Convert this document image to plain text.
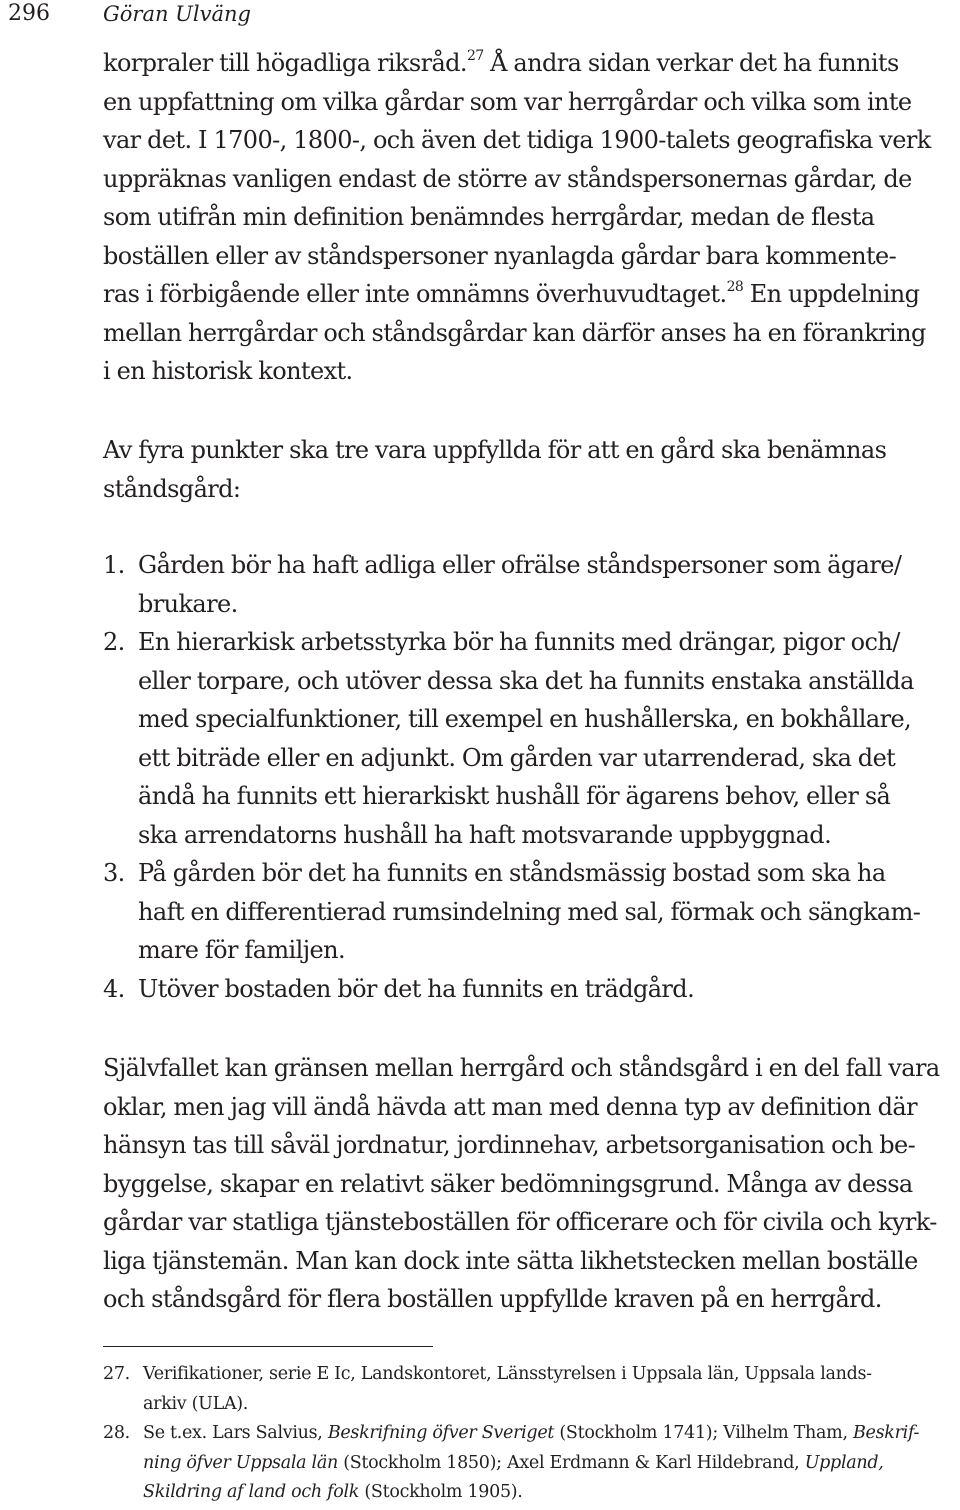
296	Göran Ulväng
korpraler till högadliga riksråd.$^{27}$ Å andra sidan verkar det ha funnits
en uppfattning om vilka gårdar som var herrgårdar och vilka som inte
var det. I 1700-, 1800-, och även det tidiga 1900-talets geografiska verk
uppräknas vanligen endast de större av ståndspersonernas gårdar, de
som utifrån min definition benämndes herrgårdar, medan de flesta
boställen eller av ståndspersoner nyanlagda gårdar bara kommente-
ras i förbigående eller inte omnämns överhuvudtaget.$^{28}$ En uppdelning
mellan herrgårdar och ståndsgårdar kan därför anses ha en förankring
i en historisk kontext.
Av fyra punkter ska tre vara uppfyllda för att en gård ska benämnas
ståndsgård:
1. Gården bör ha haft adliga eller ofrälse ståndspersoner som ägare/
brukare.
2. En hierarkisk arbetsstyrka bör ha funnits med drängar, pigor och/
eller torpare, och utöver dessa ska det ha funnits enstaka anställda
med specialfunktioner, till exempel en hushållerska, en bokhållare,
ett biträde eller en adjunkt. Om gården var utarrenderad, ska det
ändå ha funnits ett hierarkiskt hushåll för ägarens behov, eller så
ska arrendatorns hushåll ha haft motsvarande uppbyggnad.
3. På gården bör det ha funnits en ståndsmässig bostad som ska ha
haft en differentierad rumsindelning med sal, förmak och sängkam-
mare för familjen.
4. Utöver bostaden bör det ha funnits en trädgård.
Självfallet kan gränsen mellan herrgård och ståndsgård i en del fall vara
oklar, men jag vill ändå hävda att man med denna typ av definition där
hänsyn tas till såväl jordnatur, jordinnehav, arbetsorganisation och be-
byggelse, skapar en relativt säker bedömningsgrund. Många av dessa
gårdar var statliga tjänsteboställen för officerare och för civila och kyrk-
liga tjänstemän. Man kan dock inte sätta likhetstecken mellan boställe
och ståndsgård för flera boställen uppfyllde kraven på en herrgård.
27. Verifikationer, serie E Ic, Landskontoret, Länsstyrelsen i Uppsala län, Uppsala lands-
arkiv (ULA).
28. Se t.ex. Lars Salvius, Beskrifning öfver Sveriget (Stockholm 1741); Vilhelm Tham, Beskrif-
ning öfver Uppsala län (Stockholm 1850); Axel Erdmann & Karl Hildebrand, Uppland,
Skildring af land och folk (Stockholm 1905).
